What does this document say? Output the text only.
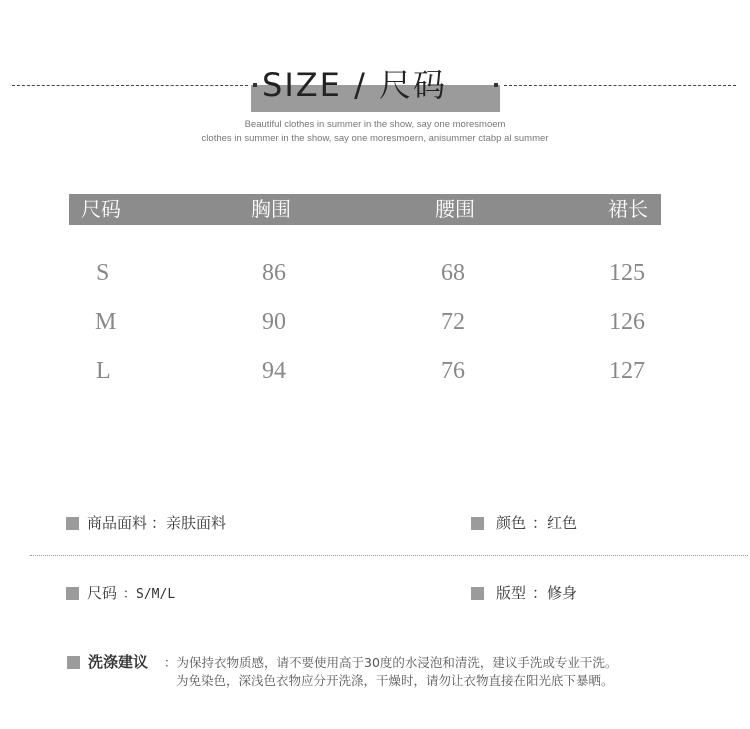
SIZE / 尺码
Beautiful clothes in summer in the show, say one moresmoem
clothes in summer in the show, say one moresmoern, anisummer ctabp al summer
尺码	胸围	腰围	裙长
S	86	68	125
M	90	72	126
L	94	76	127
商品面料 ：亲肤面料	颜色 ：红色
尺码 ：S/M/L	版型 ：修身
洗涤建议 ：为保持衣物质感，请不要使用高于30度的水浸泡和清洗，建议手洗或专业干洗。
为免染色，深浅色衣物应分开洗涤，干燥时，请勿让衣物直接在阳光底下暴晒。
